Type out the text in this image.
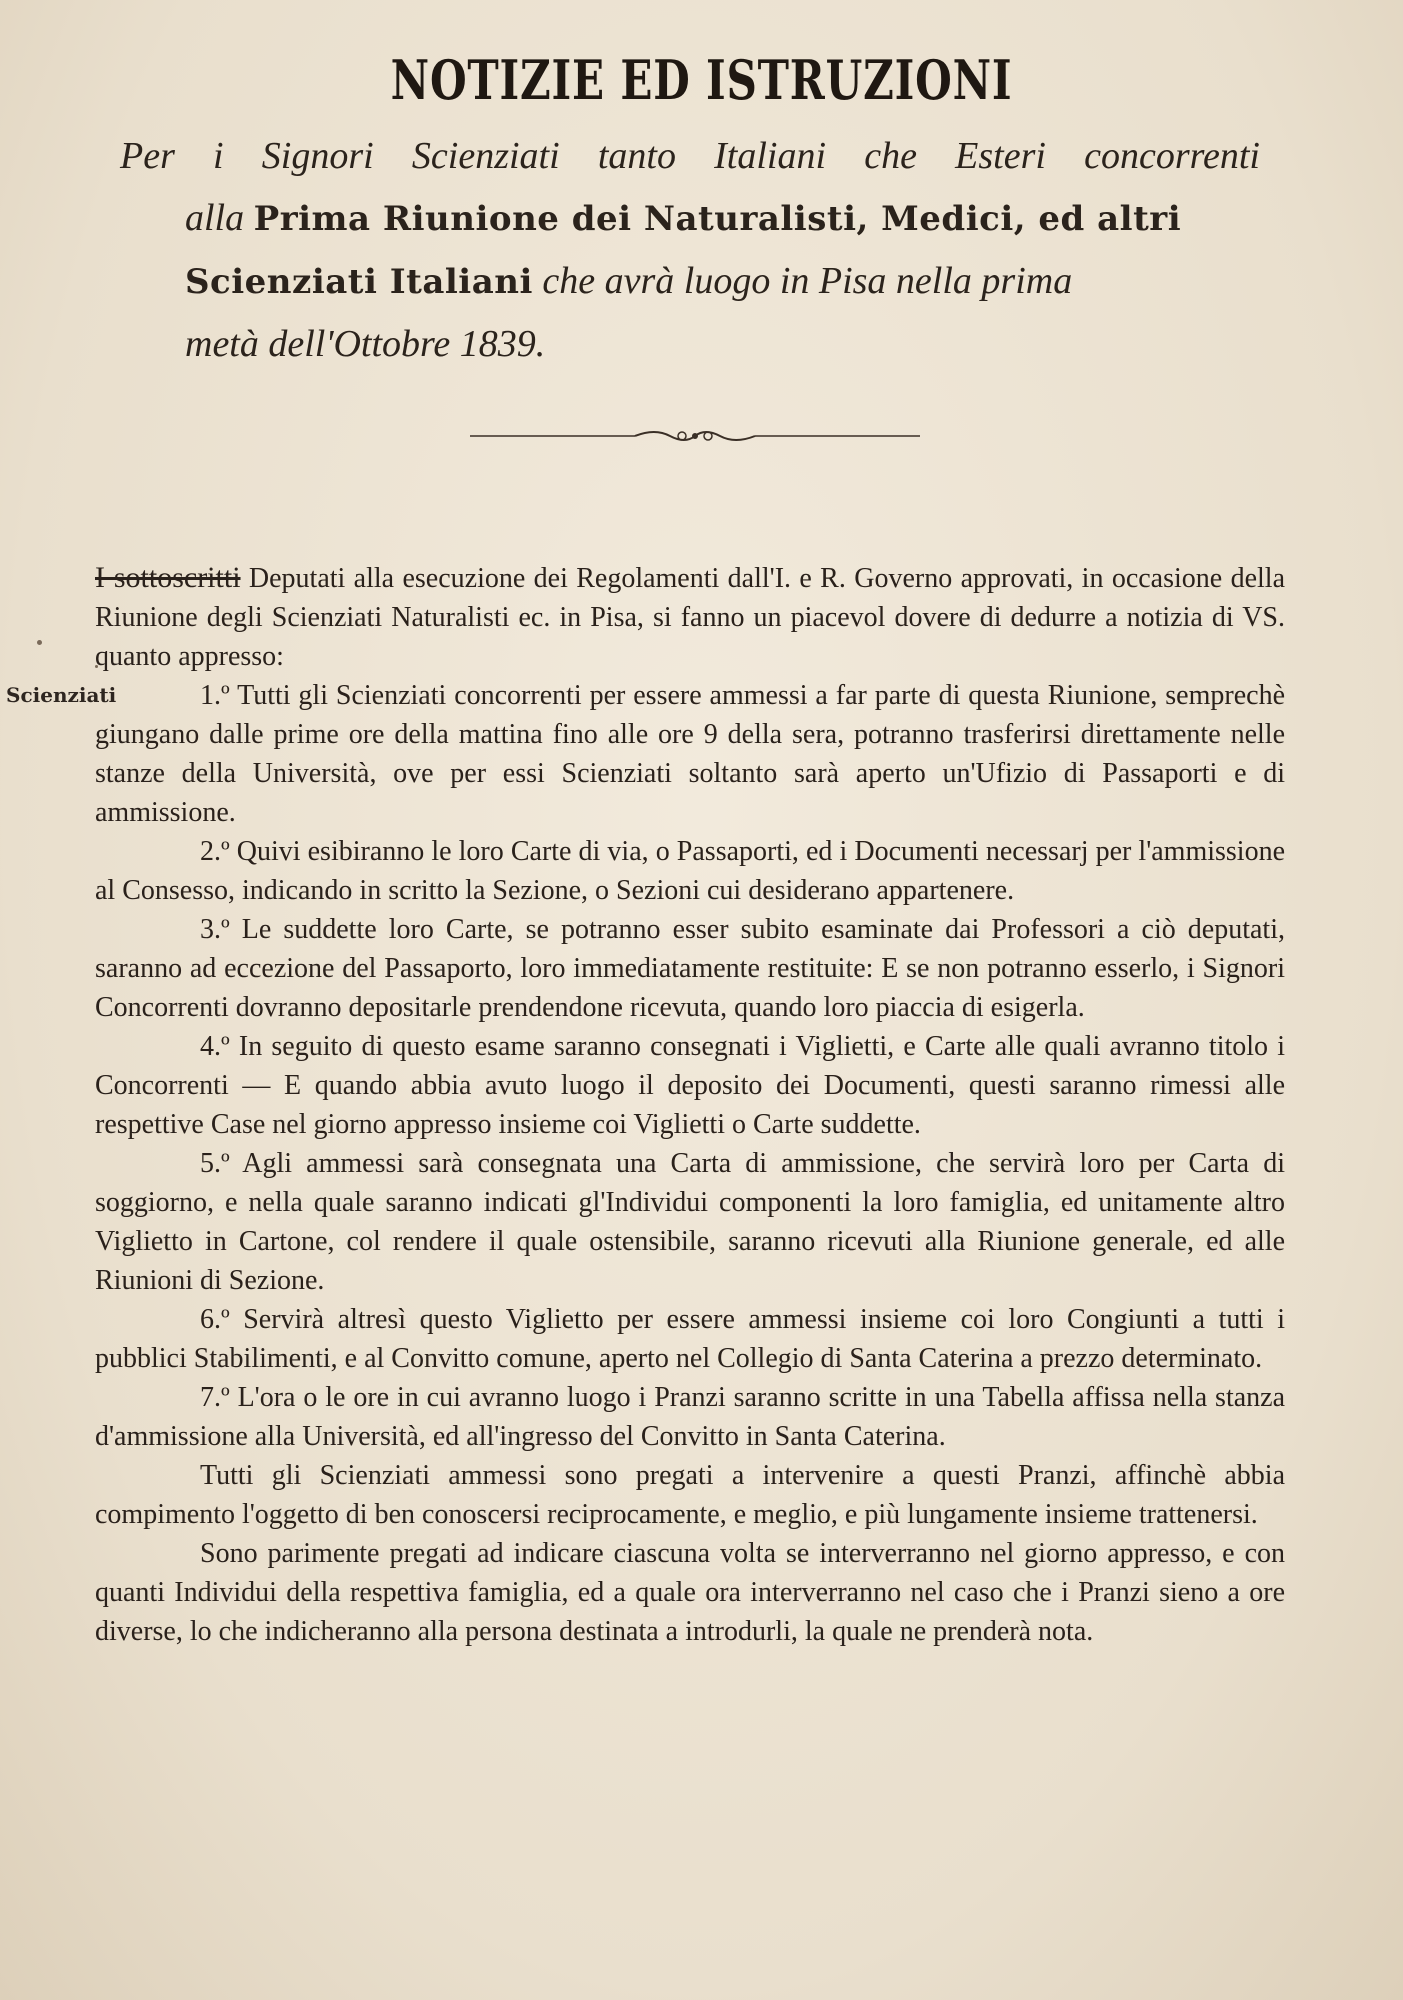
NOTIZIE ED ISTRUZIONI
Per i Signori Scienziati tanto Italiani che Esteri concorrenti
alla Prima Riunione dei Naturalisti, Medici, ed altri
Scienziati Italiani che avrà luogo in Pisa nella prima
metà dell'Ottobre 1839.
Scienziati

I sottoscritti Deputati alla esecuzione dei Regolamenti dall'I. e R. Governo approvati, in occasione della Riunione degli Scienziati Naturalisti ec. in Pisa, si fanno un piacevol dovere di dedurre a notizia di VS. quanto appresso:

1.º Tutti gli Scienziati concorrenti per essere ammessi a far parte di questa Riunione, semprechè giungano dalle prime ore della mattina fino alle ore 9 della sera, potranno trasferirsi direttamente nelle stanze della Università, ove per essi Scienziati soltanto sarà aperto un'Ufizio di Passaporti e di ammissione.

2.º Quivi esibiranno le loro Carte di via, o Passaporti, ed i Documenti necessarj per l'ammissione al Consesso, indicando in scritto la Sezione, o Sezioni cui desiderano appartenere.

3.º Le suddette loro Carte, se potranno esser subito esaminate dai Professori a ciò deputati, saranno ad eccezione del Passaporto, loro immediatamente restituite: E se non potranno esserlo, i Signori Concorrenti dovranno depositarle prendendone ricevuta, quando loro piaccia di esigerla.

4.º In seguito di questo esame saranno consegnati i Viglietti, e Carte alle quali avranno titolo i Concorrenti — E quando abbia avuto luogo il deposito dei Documenti, questi saranno rimessi alle respettive Case nel giorno appresso insieme coi Viglietti o Carte suddette.

5.º Agli ammessi sarà consegnata una Carta di ammissione, che servirà loro per Carta di soggiorno, e nella quale saranno indicati gl'Individui componenti la loro famiglia, ed unitamente altro Viglietto in Cartone, col rendere il quale ostensibile, saranno ricevuti alla Riunione generale, ed alle Riunioni di Sezione.

6.º Servirà altresì questo Viglietto per essere ammessi insieme coi loro Congiunti a tutti i pubblici Stabilimenti, e al Convitto comune, aperto nel Collegio di Santa Caterina a prezzo determinato.

7.º L'ora o le ore in cui avranno luogo i Pranzi saranno scritte in una Tabella affissa nella stanza d'ammissione alla Università, ed all'ingresso del Convitto in Santa Caterina.

Tutti gli Scienziati ammessi sono pregati a intervenire a questi Pranzi, affinchè abbia compimento l'oggetto di ben conoscersi reciprocamente, e meglio, e più lungamente insieme trattenersi.

Sono parimente pregati ad indicare ciascuna volta se interverranno nel giorno appresso, e con quanti Individui della respettiva famiglia, ed a quale ora interverranno nel caso che i Pranzi sieno a ore diverse, lo che indicheranno alla persona destinata a introdurli, la quale ne prenderà nota.
